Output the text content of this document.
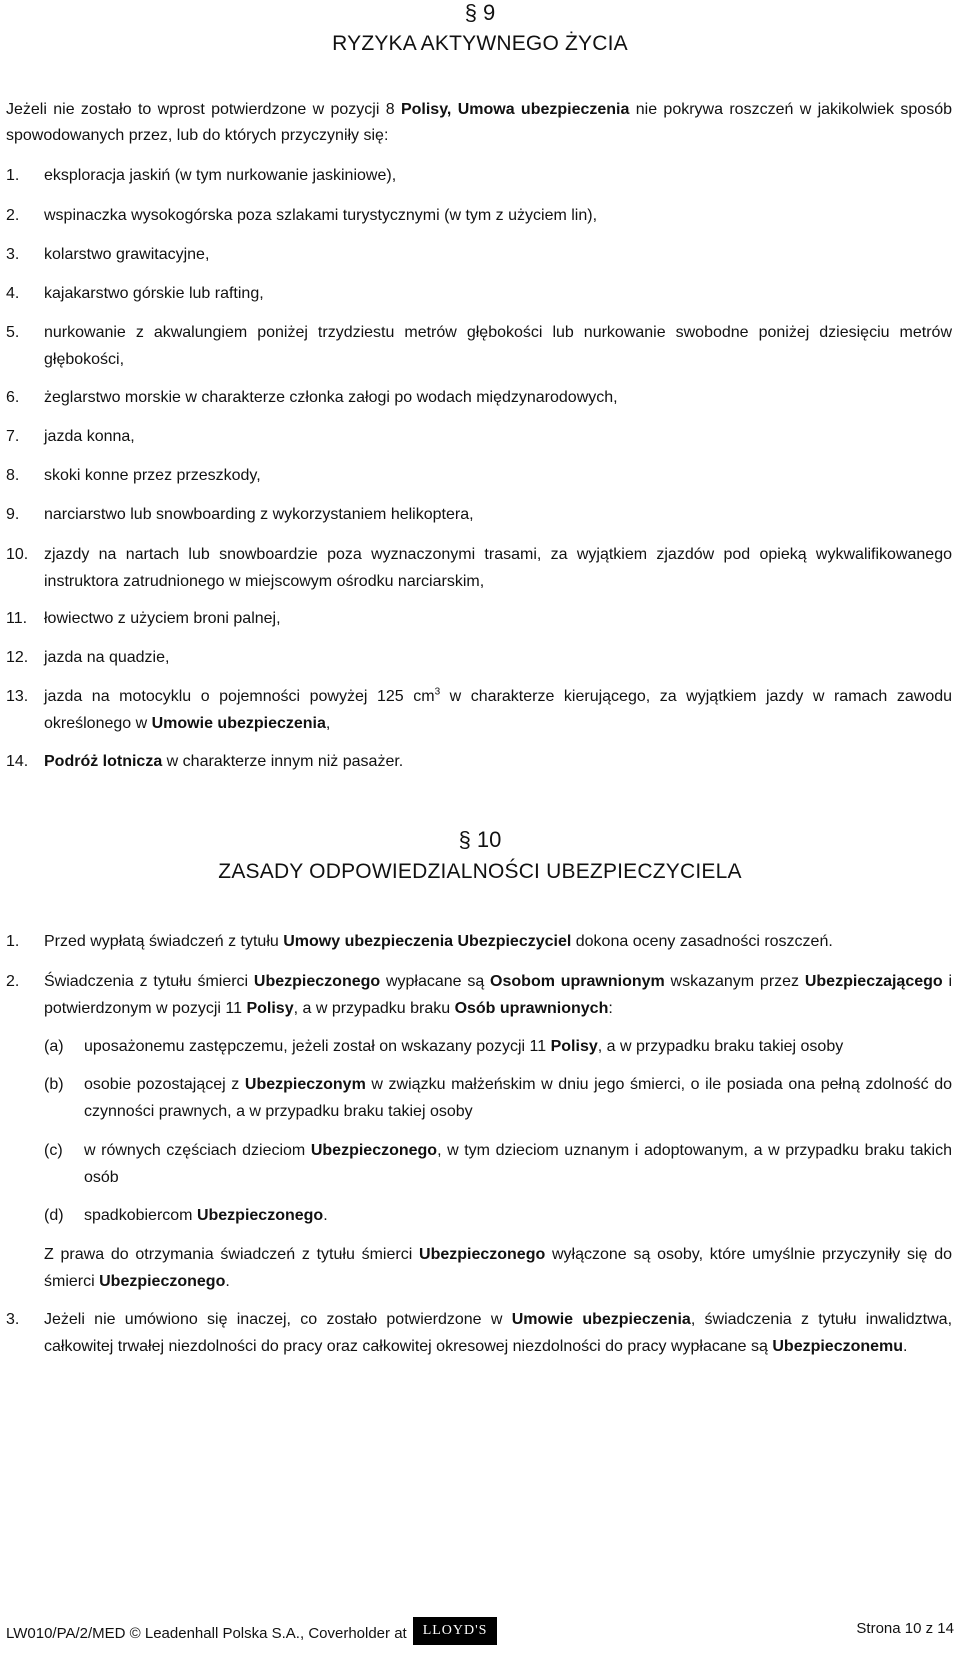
§ 9
RYZYKA AKTYWNEGO ŻYCIA
Jeżeli nie zostało to wprost potwierdzone w pozycji 8 Polisy, Umowa ubezpieczenia nie pokrywa roszczeń w jakikolwiek sposób spowodowanych przez, lub do których przyczyniły się:
1.	eksploracja jaskiń (w tym nurkowanie jaskiniowe),
2.	wspinaczka wysokogórska poza szlakami turystycznymi (w tym z użyciem lin),
3.	kolarstwo grawitacyjne,
4.	kajakarstwo górskie lub rafting,
5.	nurkowanie z akwalungiem poniżej trzydziestu metrów głębokości lub nurkowanie swobodne poniżej dziesięciu metrów głębokości,
6.	żeglarstwo morskie w charakterze członka załogi po wodach międzynarodowych,
7.	jazda konna,
8.	skoki konne przez przeszkody,
9.	narciarstwo lub snowboarding z wykorzystaniem helikoptera,
10. zjazdy na nartach lub snowboardzie poza wyznaczonymi trasami, za wyjątkiem zjazdów pod opieką wykwalifikowanego instruktora zatrudnionego w miejscowym ośrodku narciarskim,
11.	łowiectwo z użyciem broni palnej,
12. jazda na quadzie,
13. jazda na motocyklu o pojemności powyżej 125 $cm^3$ w charakterze kierującego, za wyjątkiem jazdy w ramach zawodu określonego w Umowie ubezpieczenia,
14. Podróż lotnicza w charakterze innym niż pasażer.
§ 10
ZASADY ODPOWIEDZIALNOŚCI UBEZPIECZYCIELA
1.	Przed wypłatą świadczeń z tytułu Umowy ubezpieczenia Ubezpieczyciel dokona oceny zasadności roszczeń.
2.	Świadczenia z tytułu śmierci Ubezpieczonego wypłacane są Osobom uprawnionym wskazanym przez Ubezpieczającego i potwierdzonym w pozycji 11 Polisy, a w przypadku braku Osób uprawnionych:
(a)	uposażonemu zastępczemu, jeżeli został on wskazany pozycji 11 Polisy, a w przypadku braku takiej osoby
(b)	osobie pozostającej z Ubezpieczonym w związku małżeńskim w dniu jego śmierci, o ile posiada ona pełną zdolność do czynności prawnych, a w przypadku braku takiej osoby
(c)	w równych częściach dzieciom Ubezpieczonego, w tym dzieciom uznanym i adoptowanym, a w przypadku braku takich osób
(d)	spadkobiercom Ubezpieczonego.
Z prawa do otrzymania świadczeń z tytułu śmierci Ubezpieczonego wyłączone są osoby, które umyślnie przyczyniły się do śmierci Ubezpieczonego.
3.	Jeżeli nie umówiono się inaczej, co zostało potwierdzone w Umowie ubezpieczenia, świadczenia z tytułu inwalidztwa, całkowitej trwałej niezdolności do pracy oraz całkowitej okresowej niezdolności do pracy wypłacane są Ubezpieczonemu.
LW010/PA/2/MED © Leadenhall Polska S.A., Coverholder at LLOYD'S	Strona 10 z 14
